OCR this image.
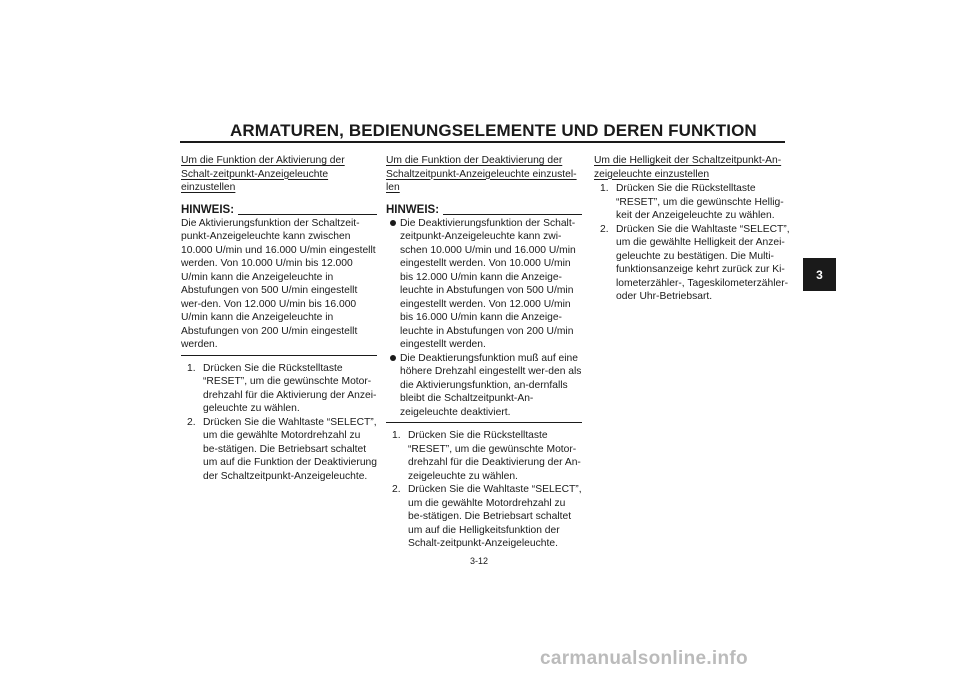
ARMATUREN, BEDIENUNGSELEMENTE UND DEREN FUNKTION
3

Um die Funktion der Aktivierung der Schalt-zeitpunkt-Anzeigeleuchte einzustellen

HINWEIS:

Die Aktivierungsfunktion der Schaltzeit-punkt-Anzeigeleuchte kann zwischen 10.000 U/min und 16.000 U/min eingestellt werden. Von 10.000 U/min bis 12.000 U/min kann die Anzeigeleuchte in Abstufungen von 500 U/min eingestellt wer-den. Von 12.000 U/min bis 16.000 U/min kann die Anzeigeleuchte in Abstufungen von 200 U/min eingestellt werden.

1. Drücken Sie die Rückstelltaste “RESET”, um die gewünschte Motor-drehzahl für die Aktivierung der Anzei-geleuchte zu wählen.
2. Drücken Sie die Wahltaste “SELECT”, um die gewählte Motordrehzahl zu be-stätigen. Die Betriebsart schaltet um auf die Funktion der Deaktivierung der Schaltzeitpunkt-Anzeigeleuchte.

Um die Funktion der Deaktivierung der Schaltzeitpunkt-Anzeigeleuchte einzustel-len

HINWEIS:
Die Deaktivierungsfunktion der Schalt-zeitpunkt-Anzeigeleuchte kann zwi-schen 10.000 U/min und 16.000 U/min eingestellt werden. Von 10.000 U/min bis 12.000 U/min kann die Anzeige-leuchte in Abstufungen von 500 U/min eingestellt werden. Von 12.000 U/min bis 16.000 U/min kann die Anzeige-leuchte in Abstufungen von 200 U/min eingestellt werden.
Die Deaktierungsfunktion muß auf eine höhere Drehzahl eingestellt wer-den als die Aktivierungsfunktion, an-dernfalls bleibt die Schaltzeitpunkt-An-zeigeleuchte deaktiviert.
1. Drücken Sie die Rückstelltaste “RESET”, um die gewünschte Motor-drehzahl für die Deaktivierung der An-zeigeleuchte zu wählen.
2. Drücken Sie die Wahltaste “SELECT”, um die gewählte Motordrehzahl zu be-stätigen. Die Betriebsart schaltet um auf die Helligkeitsfunktion der Schalt-zeitpunkt-Anzeigeleuchte.

Um die Helligkeit der Schaltzeitpunkt-An-zeigeleuchte einzustellen

1. Drücken Sie die Rückstelltaste “RESET”, um die gewünschte Hellig-keit der Anzeigeleuchte zu wählen.
2. Drücken Sie die Wahltaste “SELECT”, um die gewählte Helligkeit der Anzei-geleuchte zu bestätigen. Die Multi-funktionsanzeige kehrt zurück zur Ki-lometerzähler-, Tageskilometerzähler- oder Uhr-Betriebsart.
3-12
carmanualsonline.info
